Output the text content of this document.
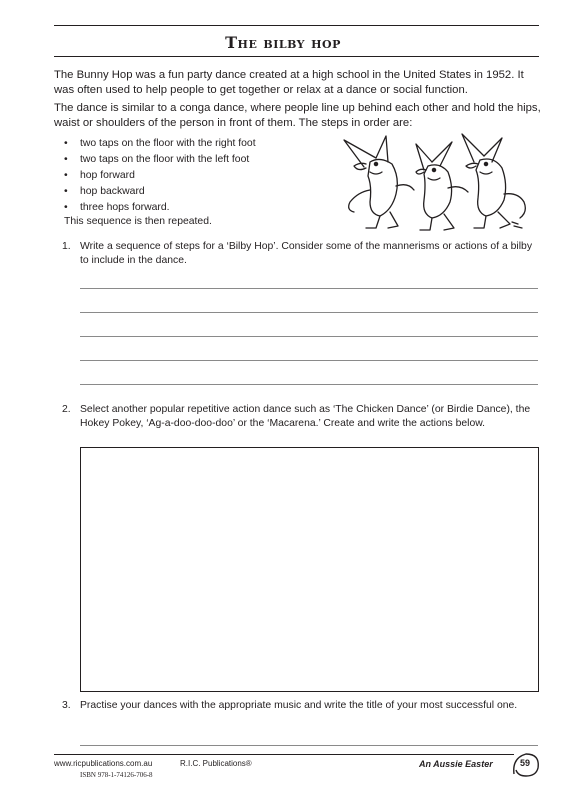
The bilby hop
The Bunny Hop was a fun party dance created at a high school in the United States in 1952. It was often used to help people to get together or relax at a dance or social function.
The dance is similar to a conga dance, where people line up behind each other and hold the hips, waist or shoulders of the person in front of them. The steps in order are:
• two taps on the floor with the right foot
• two taps on the floor with the left foot
• hop forward
• hop backward
• three hops forward.
This sequence is then repeated.
1. Write a sequence of steps for a ‘Bilby Hop’. Consider some of the mannerisms or actions of a bilby to include in the dance.
2. Select another popular repetitive action dance such as ‘The Chicken Dance’ (or Birdie Dance), the Hokey Pokey, ‘Ag-a-doo-doo-doo’ or the ‘Macarena.’ Create and write the actions below.
3. Practise your dances with the appropriate music and write the title of your most successful one.
www.ricpublications.com.au	R.I.C. Publications®
ISBN 978-1-74126-706-8
An Aussie Easter	59
